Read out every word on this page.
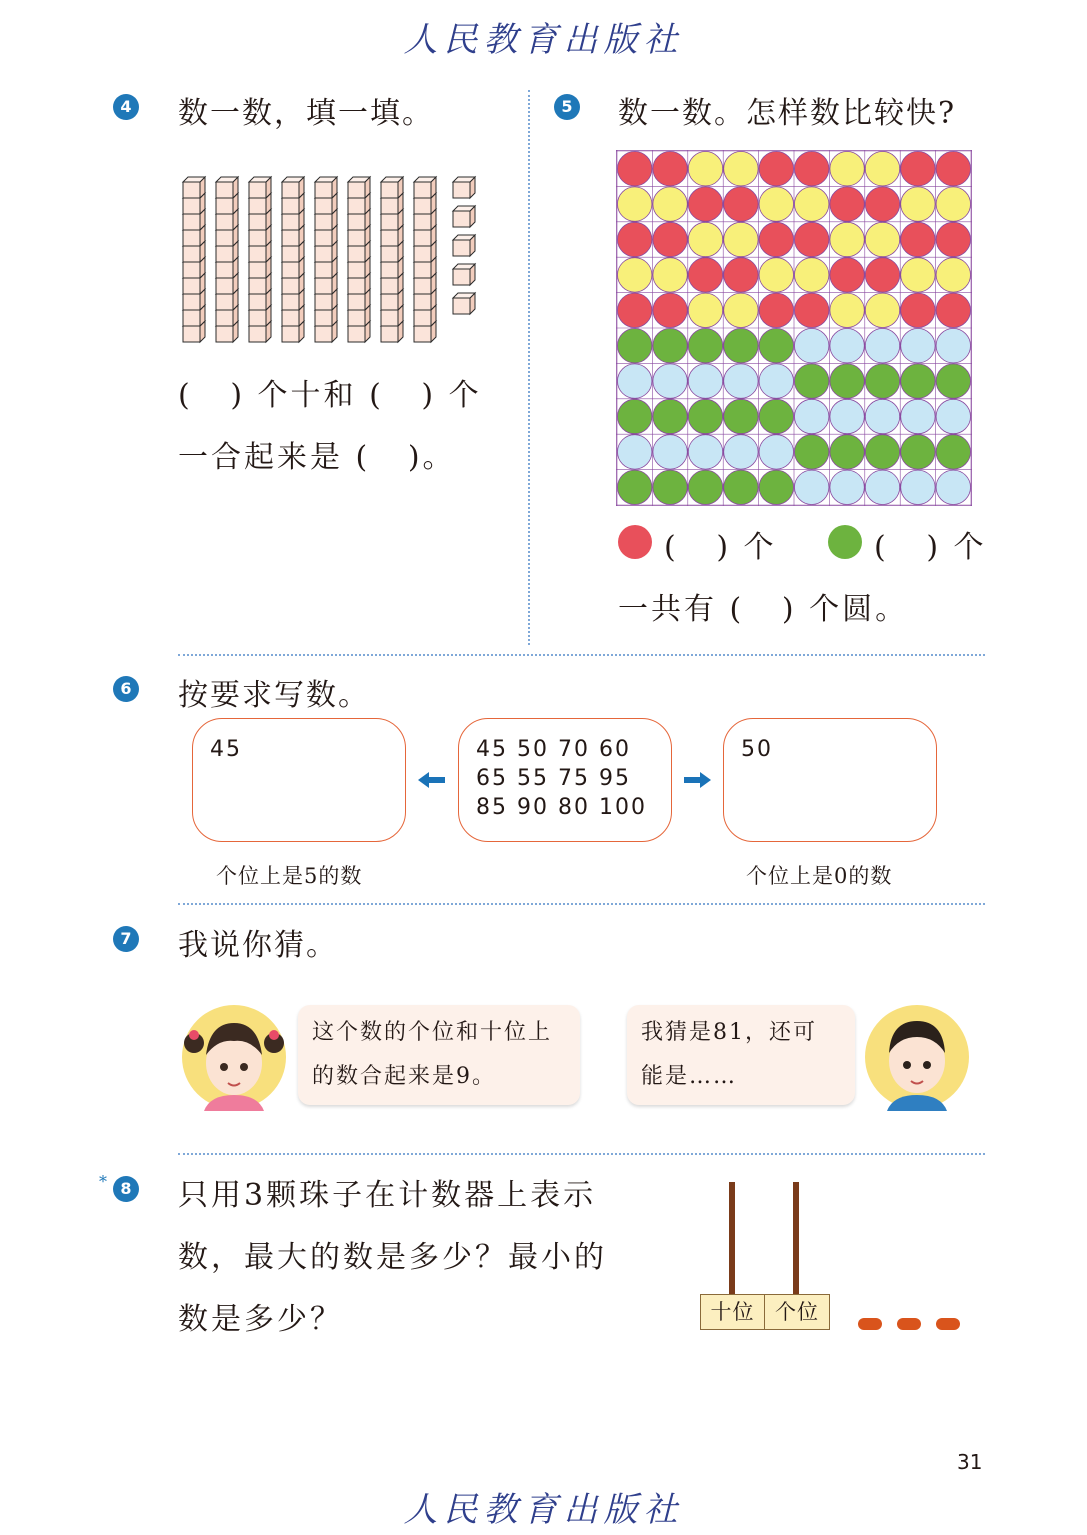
人民教育出版社
人民教育出版社
4 数一数，填一填。
(   ) 个十和 (   ) 个
一合起来是 (   )。
5 数一数。怎样数比较快?
(   ) 个	(   ) 个
一共有 (   ) 个圆。
6 按要求写数。
45	45 50 70 60
65 55 75 95
85 90 80 100
50
个位上是5的数	个位上是0的数
7 我说你猜。
这个数的个位和十位上
的数合起来是9。
我猜是81，还可
能是……
* 8 只用3颗珠子在计数器上表示
数，最大的数是多少？最小的
数是多少？	十位 个位
31
